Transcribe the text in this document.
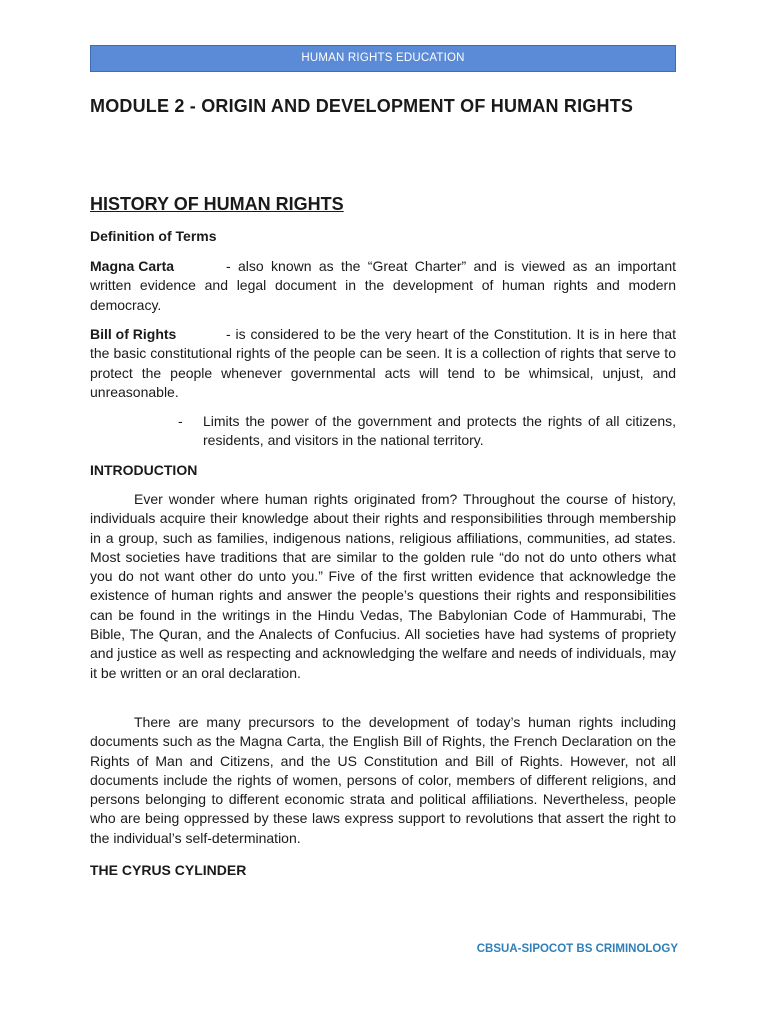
HUMAN RIGHTS EDUCATION
MODULE 2 - ORIGIN AND DEVELOPMENT OF HUMAN RIGHTS
HISTORY OF HUMAN RIGHTS
Definition of Terms
Magna Carta	- also known as the “Great Charter” and is viewed as an important written evidence and legal document in the development of human rights and modern democracy.
Bill of Rights	- is considered to be the very heart of the Constitution. It is in here that the basic constitutional rights of the people can be seen. It is a collection of rights that serve to protect the people whenever governmental acts will tend to be whimsical, unjust, and unreasonable.
-	Limits the power of the government and protects the rights of all citizens, residents, and visitors in the national territory.
INTRODUCTION
Ever wonder where human rights originated from? Throughout the course of history, individuals acquire their knowledge about their rights and responsibilities through membership in a group, such as families, indigenous nations, religious affiliations, communities, ad states. Most societies have traditions that are similar to the golden rule “do not do unto others what you do not want other do unto you.” Five of the first written evidence that acknowledge the existence of human rights and answer the people’s questions their rights and responsibilities can be found in the writings in the Hindu Vedas, The Babylonian Code of Hammurabi, The Bible, The Quran, and the Analects of Confucius. All societies have had systems of propriety and justice as well as respecting and acknowledging the welfare and needs of individuals, may it be written or an oral declaration.
There are many precursors to the development of today’s human rights including documents such as the Magna Carta, the English Bill of Rights, the French Declaration on the Rights of Man and Citizens, and the US Constitution and Bill of Rights. However, not all documents include the rights of women, persons of color, members of different religions, and persons belonging to different economic strata and political affiliations. Nevertheless, people who are being oppressed by these laws express support to revolutions that assert the right to the individual’s self-determination.
THE CYRUS CYLINDER
CBSUA-SIPOCOT BS CRIMINOLOGY
